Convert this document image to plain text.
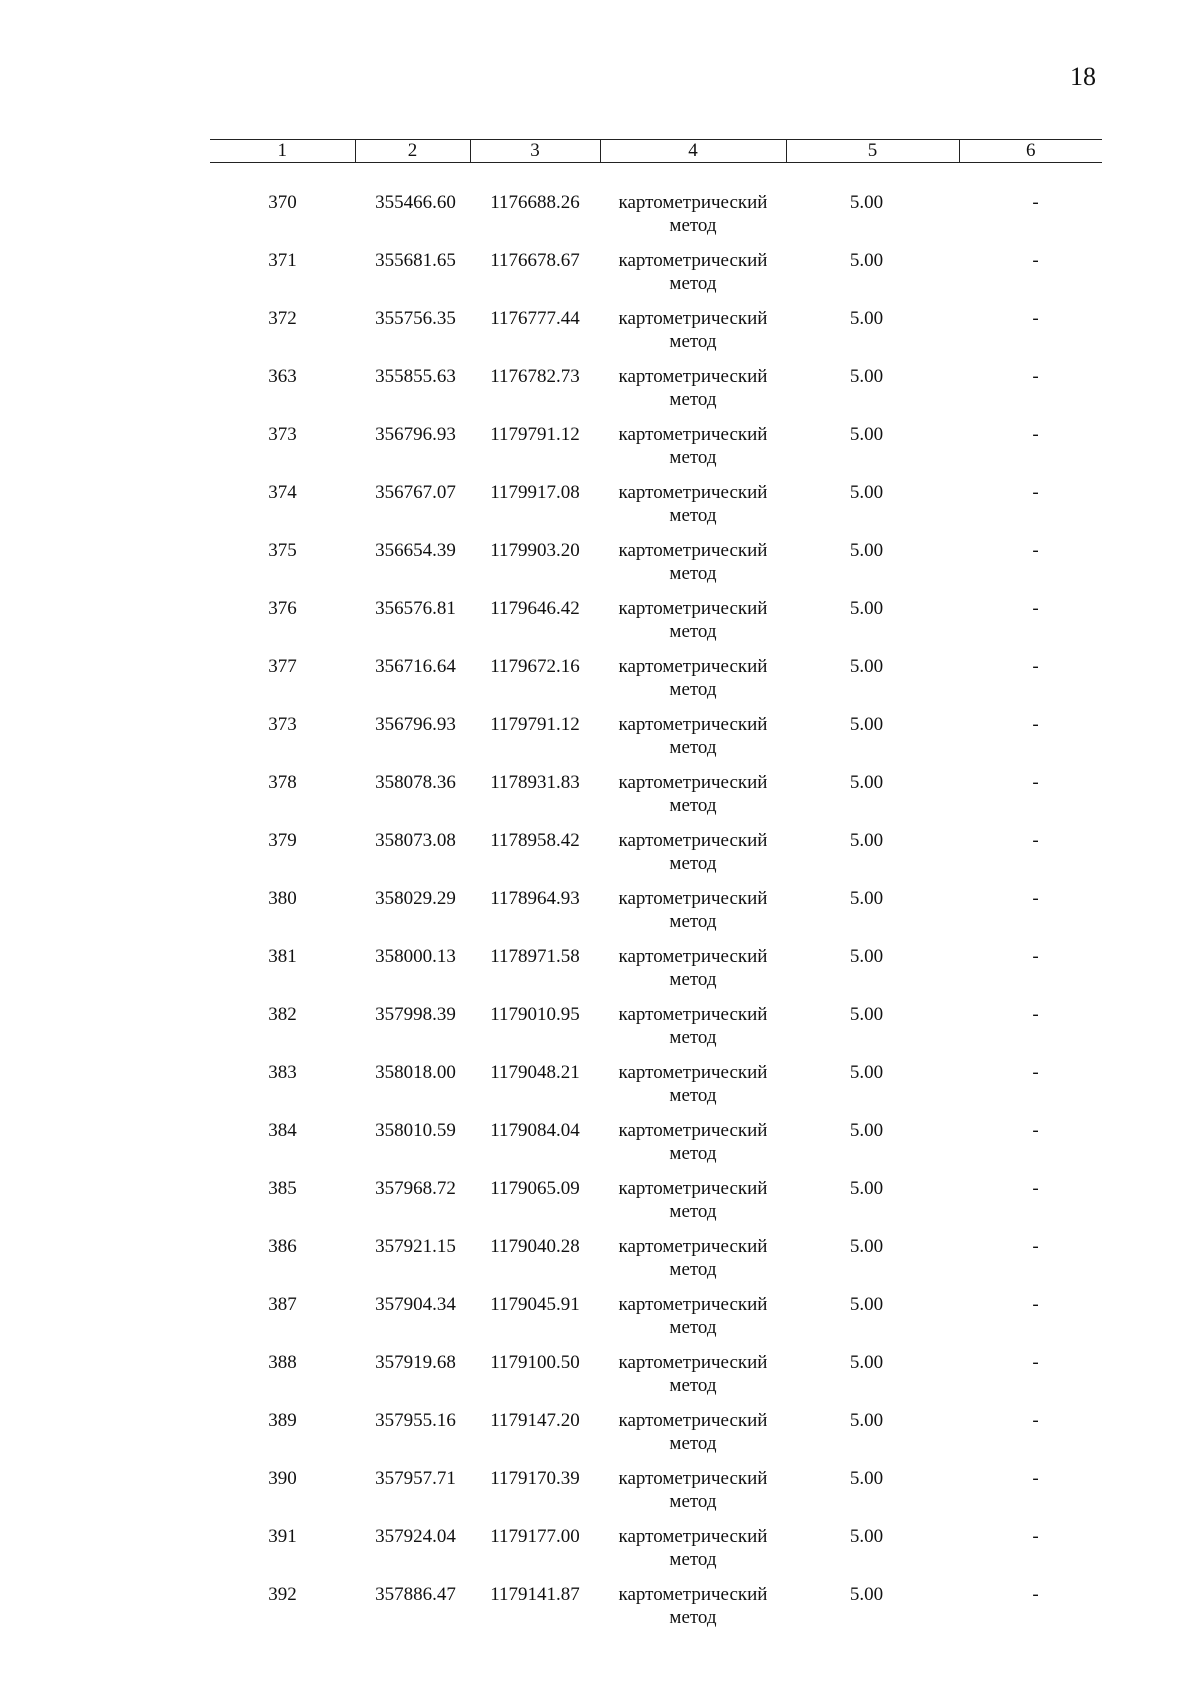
18
1	2	3	4	5	6

370	355466.60	1176688.26	картометрический метод	5.00	-
371	355681.65	1176678.67	картометрический метод	5.00	-
372	355756.35	1176777.44	картометрический метод	5.00	-
363	355855.63	1176782.73	картометрический метод	5.00	-
373	356796.93	1179791.12	картометрический метод	5.00	-
374	356767.07	1179917.08	картометрический метод	5.00	-
375	356654.39	1179903.20	картометрический метод	5.00	-
376	356576.81	1179646.42	картометрический метод	5.00	-
377	356716.64	1179672.16	картометрический метод	5.00	-
373	356796.93	1179791.12	картометрический метод	5.00	-
378	358078.36	1178931.83	картометрический метод	5.00	-
379	358073.08	1178958.42	картометрический метод	5.00	-
380	358029.29	1178964.93	картометрический метод	5.00	-
381	358000.13	1178971.58	картометрический метод	5.00	-
382	357998.39	1179010.95	картометрический метод	5.00	-
383	358018.00	1179048.21	картометрический метод	5.00	-
384	358010.59	1179084.04	картометрический метод	5.00	-
385	357968.72	1179065.09	картометрический метод	5.00	-
386	357921.15	1179040.28	картометрический метод	5.00	-
387	357904.34	1179045.91	картометрический метод	5.00	-
388	357919.68	1179100.50	картометрический метод	5.00	-
389	357955.16	1179147.20	картометрический метод	5.00	-
390	357957.71	1179170.39	картометрический метод	5.00	-
391	357924.04	1179177.00	картометрический метод	5.00	-
392	357886.47	1179141.87	картометрический метод	5.00	-
